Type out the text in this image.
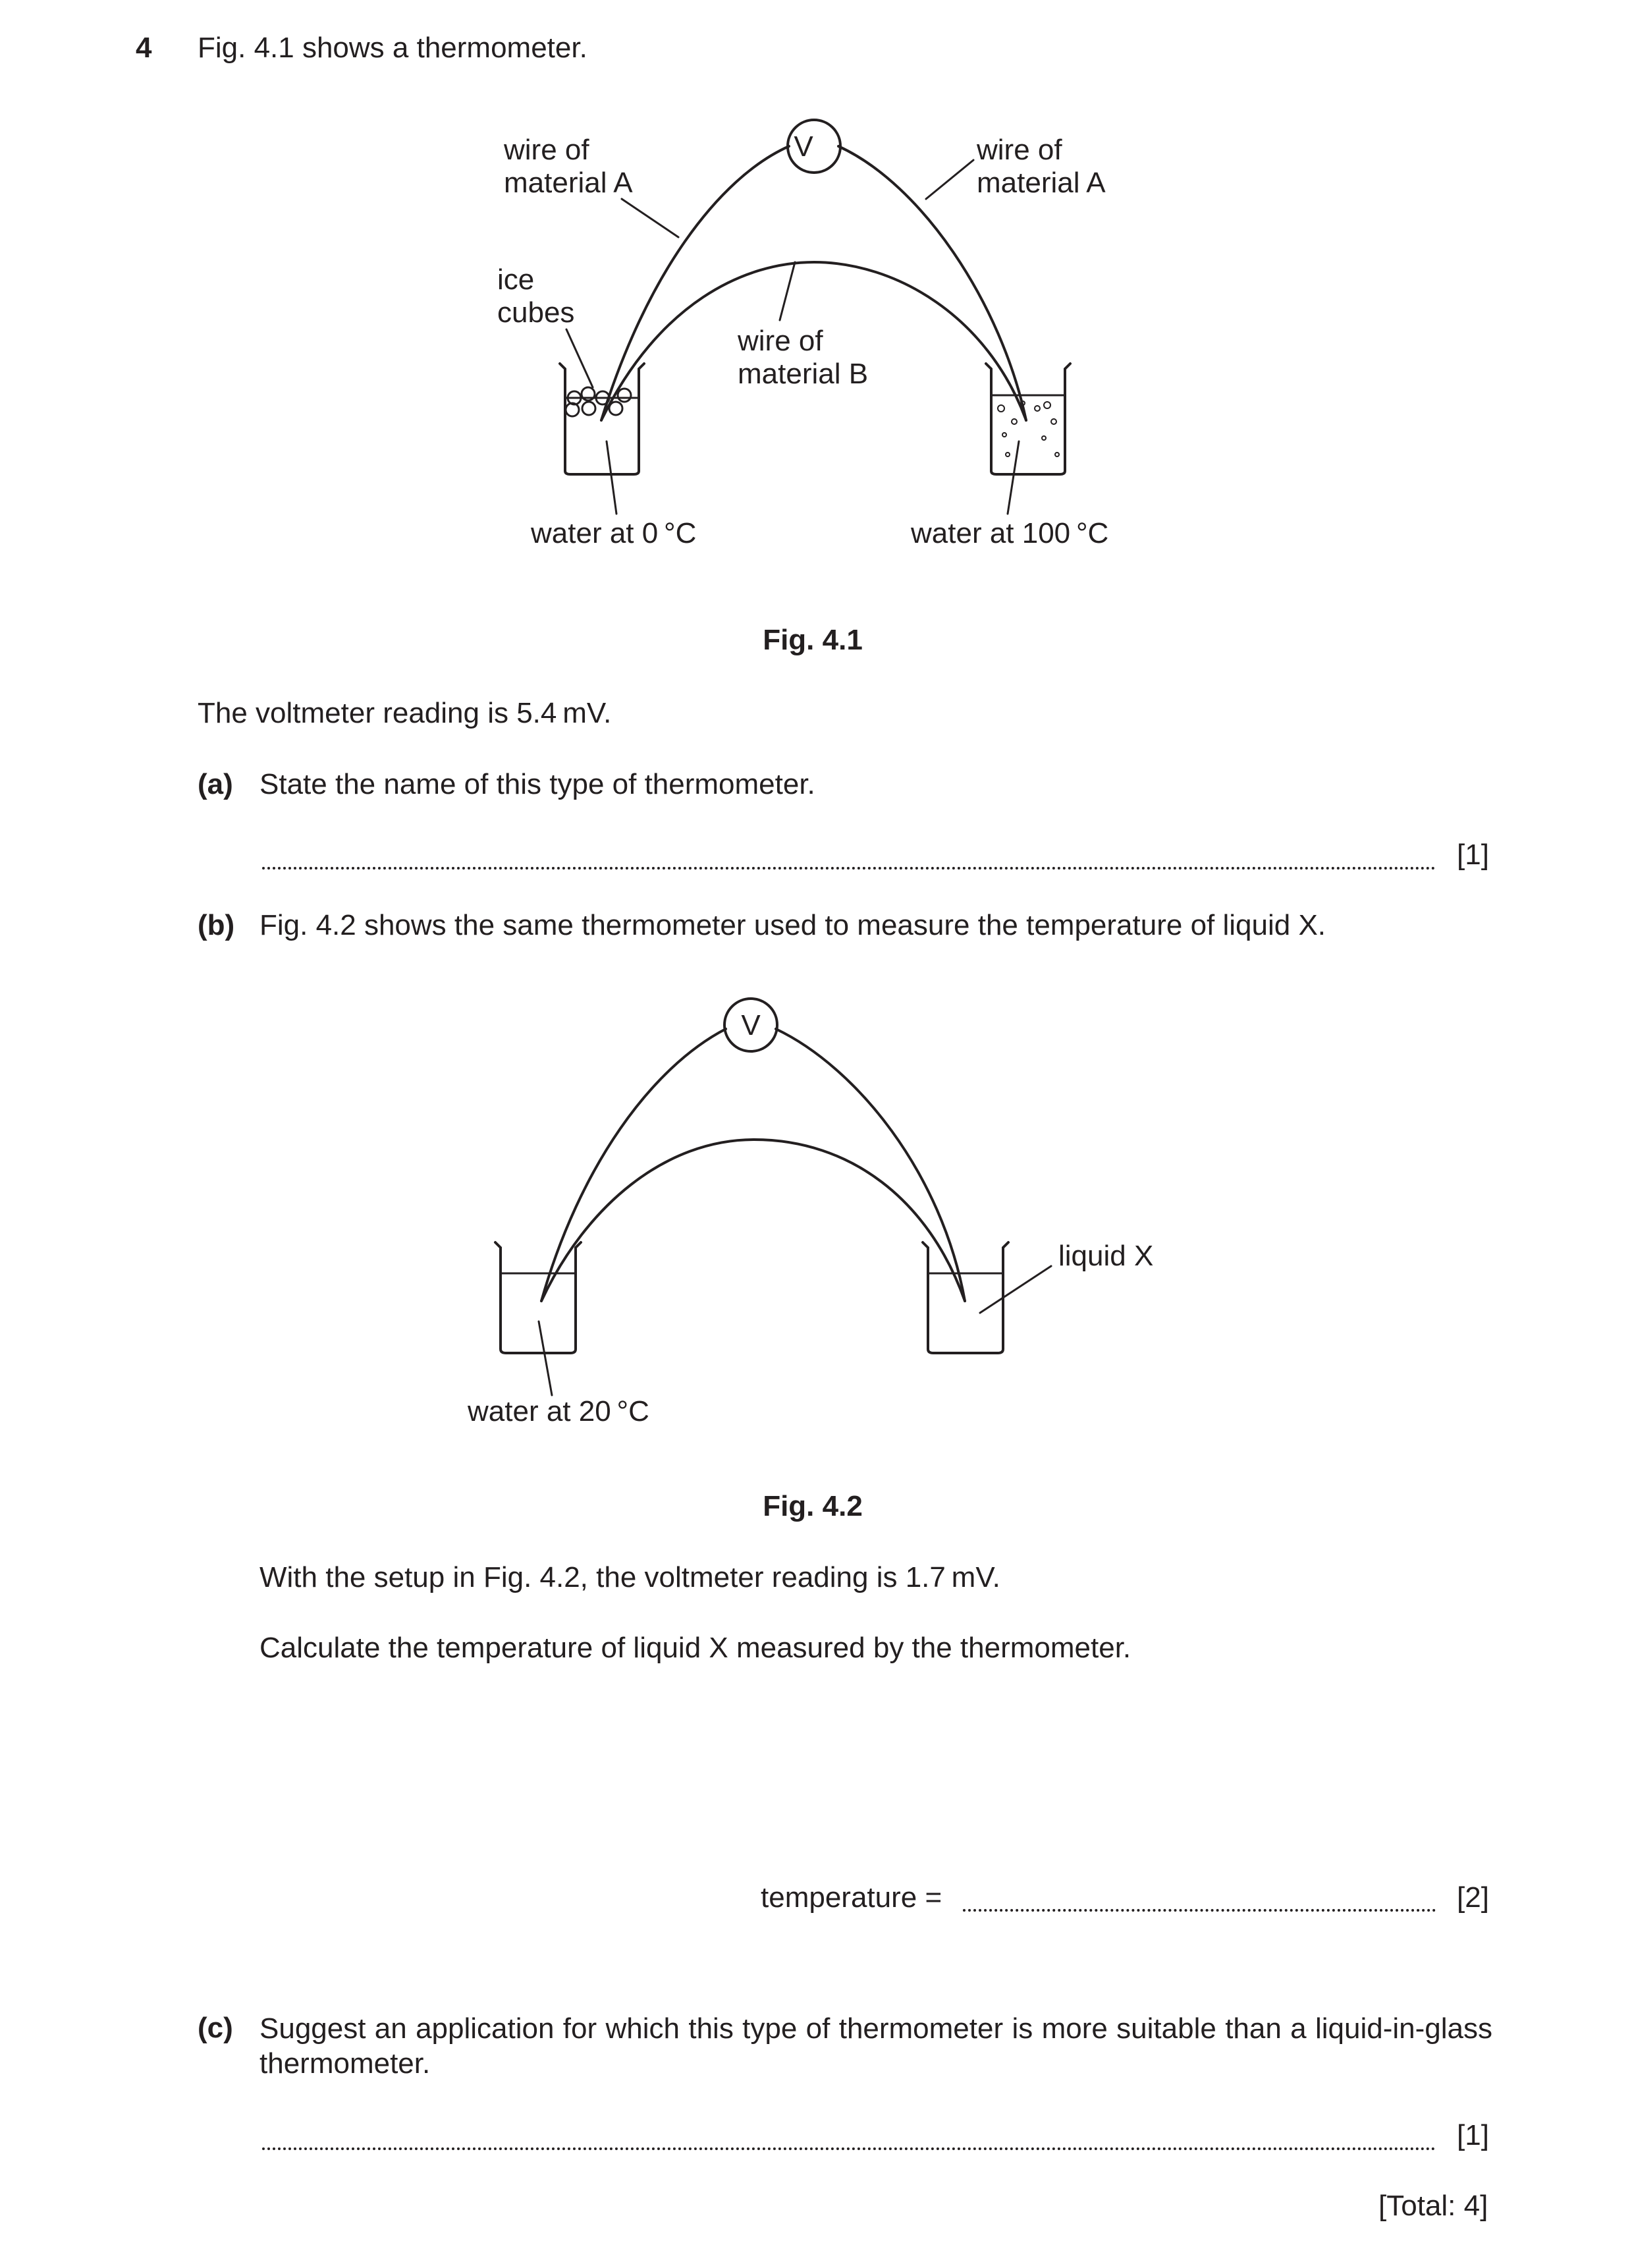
4 Fig. 4.1 shows a thermometer.
V
wire of
material A
wire of
material A
ice
cubes
wire of
material B
water at 0 °C	water at 100 °C
Fig. 4.1
The voltmeter reading is 5.4 mV.
(a) State the name of this type of thermometer.
[1]
(b) Fig. 4.2 shows the same thermometer used to measure the temperature of liquid X.
V
liquid X
water at 20 °C
Fig. 4.2
With the setup in Fig. 4.2, the voltmeter reading is 1.7 mV.
Calculate the temperature of liquid X measured by the thermometer.
temperature =	[2]
(c) Suggest an application for which this type of thermometer is more suitable than a liquid-in-glass thermometer.
[1]
[Total: 4]
